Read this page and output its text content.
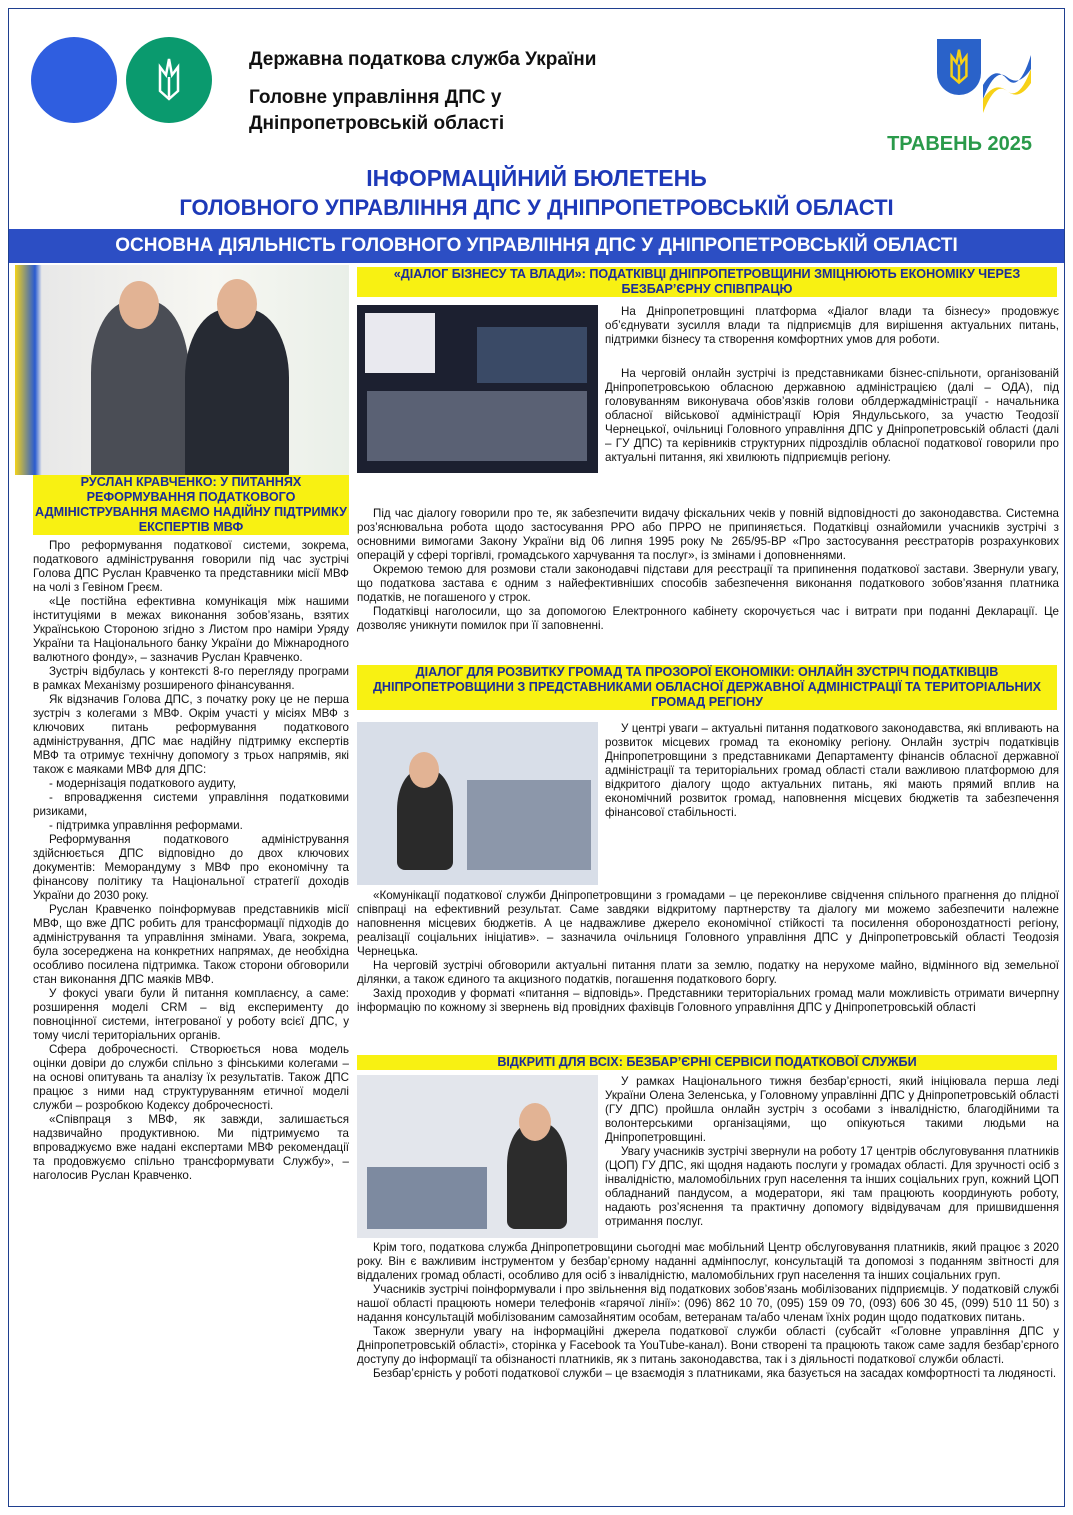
Державна податкова служба України
Головне управління ДПС у
Дніпропетровській області
ТРАВЕНЬ 2025
ІНФОРМАЦІЙНИЙ БЮЛЕТЕНЬ
ГОЛОВНОГО УПРАВЛІННЯ ДПС У ДНІПРОПЕТРОВСЬКІЙ ОБЛАСТІ
ОСНОВНА ДІЯЛЬНІСТЬ ГОЛОВНОГО УПРАВЛІННЯ ДПС У ДНІПРОПЕТРОВСЬКІЙ ОБЛАСТІ
РУСЛАН КРАВЧЕНКО: У ПИТАННЯХ РЕФОРМУВАННЯ ПОДАТКОВОГО АДМІНІСТРУВАННЯ МАЄМО НАДІЙНУ ПІДТРИМКУ ЕКСПЕРТІВ МВФ

Про реформування податкової системи, зокрема, податкового адміністрування говорили під час зустрічі Голова ДПС Руслан Кравченко та представники місії МВФ на чолі з Гевіном Греєм.

«Це постійна ефективна комунікація між нашими інституціями в межах виконання зобов’язань, взятих Українською Стороною згідно з Листом про наміри Уряду України та Національного банку України до Міжнародного валютного фонду», – зазначив Руслан Кравченко.

Зустріч відбулась у контексті 8-го перегляду програми в рамках Механізму розширеного фінансування.

Як відзначив Голова ДПС, з початку року це не перша зустріч з колегами з МВФ. Окрім участі у місіях МВФ з ключових питань реформування податкового адміністрування, ДПС має надійну підтримку експертів МВФ та отримує технічну допомогу з трьох напрямів, які також є маяками МВФ для ДПС:

- модернізація податкового аудиту,

- впровадження системи управління податковими ризиками,

- підтримка управління реформами.

Реформування податкового адміністрування здійснюється ДПС відповідно до двох ключових документів: Меморандуму з МВФ про економічну та фінансову політику та Національної стратегії доходів України до 2030 року.

Руслан Кравченко поінформував представників місії МВФ, що вже ДПС робить для трансформації підходів до адміністрування та управління змінами. Увага, зокрема, була зосереджена на конкретних напрямах, де необхідна особливо посилена підтримка. Також сторони обговорили стан виконання ДПС маяків МВФ.

У фокусі уваги були й питання комплаєнсу, а саме: розширення моделі CRM – від експерименту до повноцінної системи, інтегрованої у роботу всієї ДПС, у тому числі територіальних органів.

Сфера доброчесності. Створюється нова модель оцінки довіри до служби спільно з фінськими колегами – на основі опитувань та аналізу їх результатів. Також ДПС працює з ними над структуруванням етичної моделі служби – розробкою Кодексу доброчесності.

«Співпраця з МВФ, як завжди, залишається надзвичайно продуктивною. Ми підтримуємо та впроваджуємо вже надані експертами МВФ рекомендації та продовжуємо спільно трансформувати Службу», – наголосив Руслан Кравченко.

«ДІАЛОГ БІЗНЕСУ ТА ВЛАДИ»: ПОДАТКІВЦІ ДНІПРОПЕТРОВЩИНИ ЗМІЦНЮЮТЬ ЕКОНОМІКУ ЧЕРЕЗ БЕЗБАР’ЄРНУ СПІВПРАЦЮ

На Дніпропетровщині платформа «Діалог влади та бізнесу» продовжує об’єднувати зусилля влади та підприємців для вирішення актуальних питань, підтримки бізнесу та створення комфортних умов для роботи.

На черговій онлайн зустрічі із представниками бізнес-спільноти, організованій Дніпропетровською обласною державною адміністрацією (далі – ОДА), під головуванням виконувача обов’язків голови облдержадміністрації - начальника обласної військової адміністрації Юрія Яндульського, за участю Теодозії Чернецької, очільниці Головного управління ДПС у Дніпропетровській області (далі – ГУ ДПС) та керівників структурних підрозділів обласної податкової говорили про актуальні питання, які хвилюють підприємців регіону.

Під час діалогу говорили про те, як забезпечити видачу фіскальних чеків у повній відповідності до законодавства. Системна роз’яснювальна робота щодо застосування РРО або ПРРО не припиняється. Податківці ознайомили учасників зустрічі з основними вимогами Закону України від 06 липня 1995 року № 265/95-ВР «Про застосування реєстраторів розрахункових операцій у сфері торгівлі, громадського харчування та послуг», із змінами і доповненнями.

Окремою темою для розмови стали законодавчі підстави для реєстрації та припинення податкової застави. Звернули увагу, що податкова застава є одним з найефективніших способів забезпечення виконання податкового зобов’язання платника податків, не погашеного у строк.

Податківці наголосили, що за допомогою Електронного кабінету скорочується час і витрати при поданні Декларації. Це дозволяє уникнути помилок при її заповненні.

ДІАЛОГ ДЛЯ РОЗВИТКУ ГРОМАД ТА ПРОЗОРОЇ ЕКОНОМІКИ: ОНЛАЙН ЗУСТРІЧ ПОДАТКІВЦІВ ДНІПРОПЕТРОВЩИНИ З ПРЕДСТАВНИКАМИ ОБЛАСНОЇ ДЕРЖАВНОЇ АДМІНІСТРАЦІЇ ТА ТЕРИТОРІАЛЬНИХ ГРОМАД РЕГІОНУ

У центрі уваги – актуальні питання податкового законодавства, які впливають на розвиток місцевих громад та економіку регіону. Онлайн зустріч податківців Дніпропетровщини з представниками Департаменту фінансів обласної державної адміністрації та територіальних громад області стали важливою платформою для відкритого діалогу щодо актуальних питань, які мають прямий вплив на економічний розвиток громад, наповнення місцевих бюджетів та забезпечення фінансової стабільності.

«Комунікації податкової служби Дніпропетровщини з громадами – це переконливе свідчення спільного прагнення до плідної співпраці на ефективний результат. Саме завдяки відкритому партнерству та діалогу ми можемо забезпечити належне наповнення місцевих бюджетів. А це надважливе джерело економічної стійкості та посилення обороноздатності регіону, реалізації соціальних ініціатив». – зазначила очільниця Головного управління ДПС у Дніпропетровській області Теодозія Чернецька.

На черговій зустрічі обговорили актуальні питання плати за землю, податку на нерухоме майно, відмінного від земельної ділянки, а також єдиного та акцизного податків, погашення податкового боргу.

Захід проходив у форматі «питання – відповідь». Представники територіальних громад мали можливість отримати вичерпну інформацію по кожному зі звернень від провідних фахівців Головного управління ДПС у Дніпропетровській області

ВІДКРИТІ ДЛЯ ВСІХ: БЕЗБАР’ЄРНІ СЕРВІСИ ПОДАТКОВОЇ СЛУЖБИ

У рамках Національного тижня безбар’єрності, який ініціювала перша леді України Олена Зеленська, у Головному управлінні ДПС у Дніпропетровській області (ГУ ДПС) пройшла онлайн зустріч з особами з інвалідністю, благодійними та волонтерськими організаціями, що опікуються такими людьми на Дніпропетровщині.

Увагу учасників зустрічі звернули на роботу 17 центрів обслуговування платників (ЦОП) ГУ ДПС, які щодня надають послуги у громадах області. Для зручності осіб з інвалідністю, маломобільних груп населення та інших соціальних груп, кожний ЦОП обладнаний пандусом, а модератори, які там працюють координують роботу, надають роз’яснення та практичну допомогу відвідувачам для пришвидшення отримання послуг.

Крім того, податкова служба Дніпропетровщини сьогодні має мобільний Центр обслуговування платників, який працює з 2020 року. Він є важливим інструментом у безбар’єрному наданні адмінпослуг, консультацій та допомозі з поданням звітності для віддалених громад області, особливо для осіб з інвалідністю, маломобільних груп населення та інших соціальних груп.

Учасників зустрічі поінформували і про звільнення від податкових зобов’язань мобілізованих підприємців. У податковій службі нашої області працюють номери телефонів «гарячої лінії»: (096) 862 10 70, (095) 159 09 70, (093) 606 30 45, (099) 510 11 50) з надання консультацій мобілізованим самозайнятим особам, ветеранам та/або членам їхніх родин щодо податкових питань.

Також звернули увагу на інформаційні джерела податкової служби області (субсайт «Головне управління ДПС у Дніпропетровській області», сторінка у Facebook та YouTube-канал). Вони створені та працюють також саме задля безбар’єрного доступу до інформації та обізнаності платників, як з питань законодавства, так і з діяльності податкової служби області.

Безбар’єрність у роботі податкової служби – це взаємодія з платниками, яка базується на засадах комфортності та людяності.
